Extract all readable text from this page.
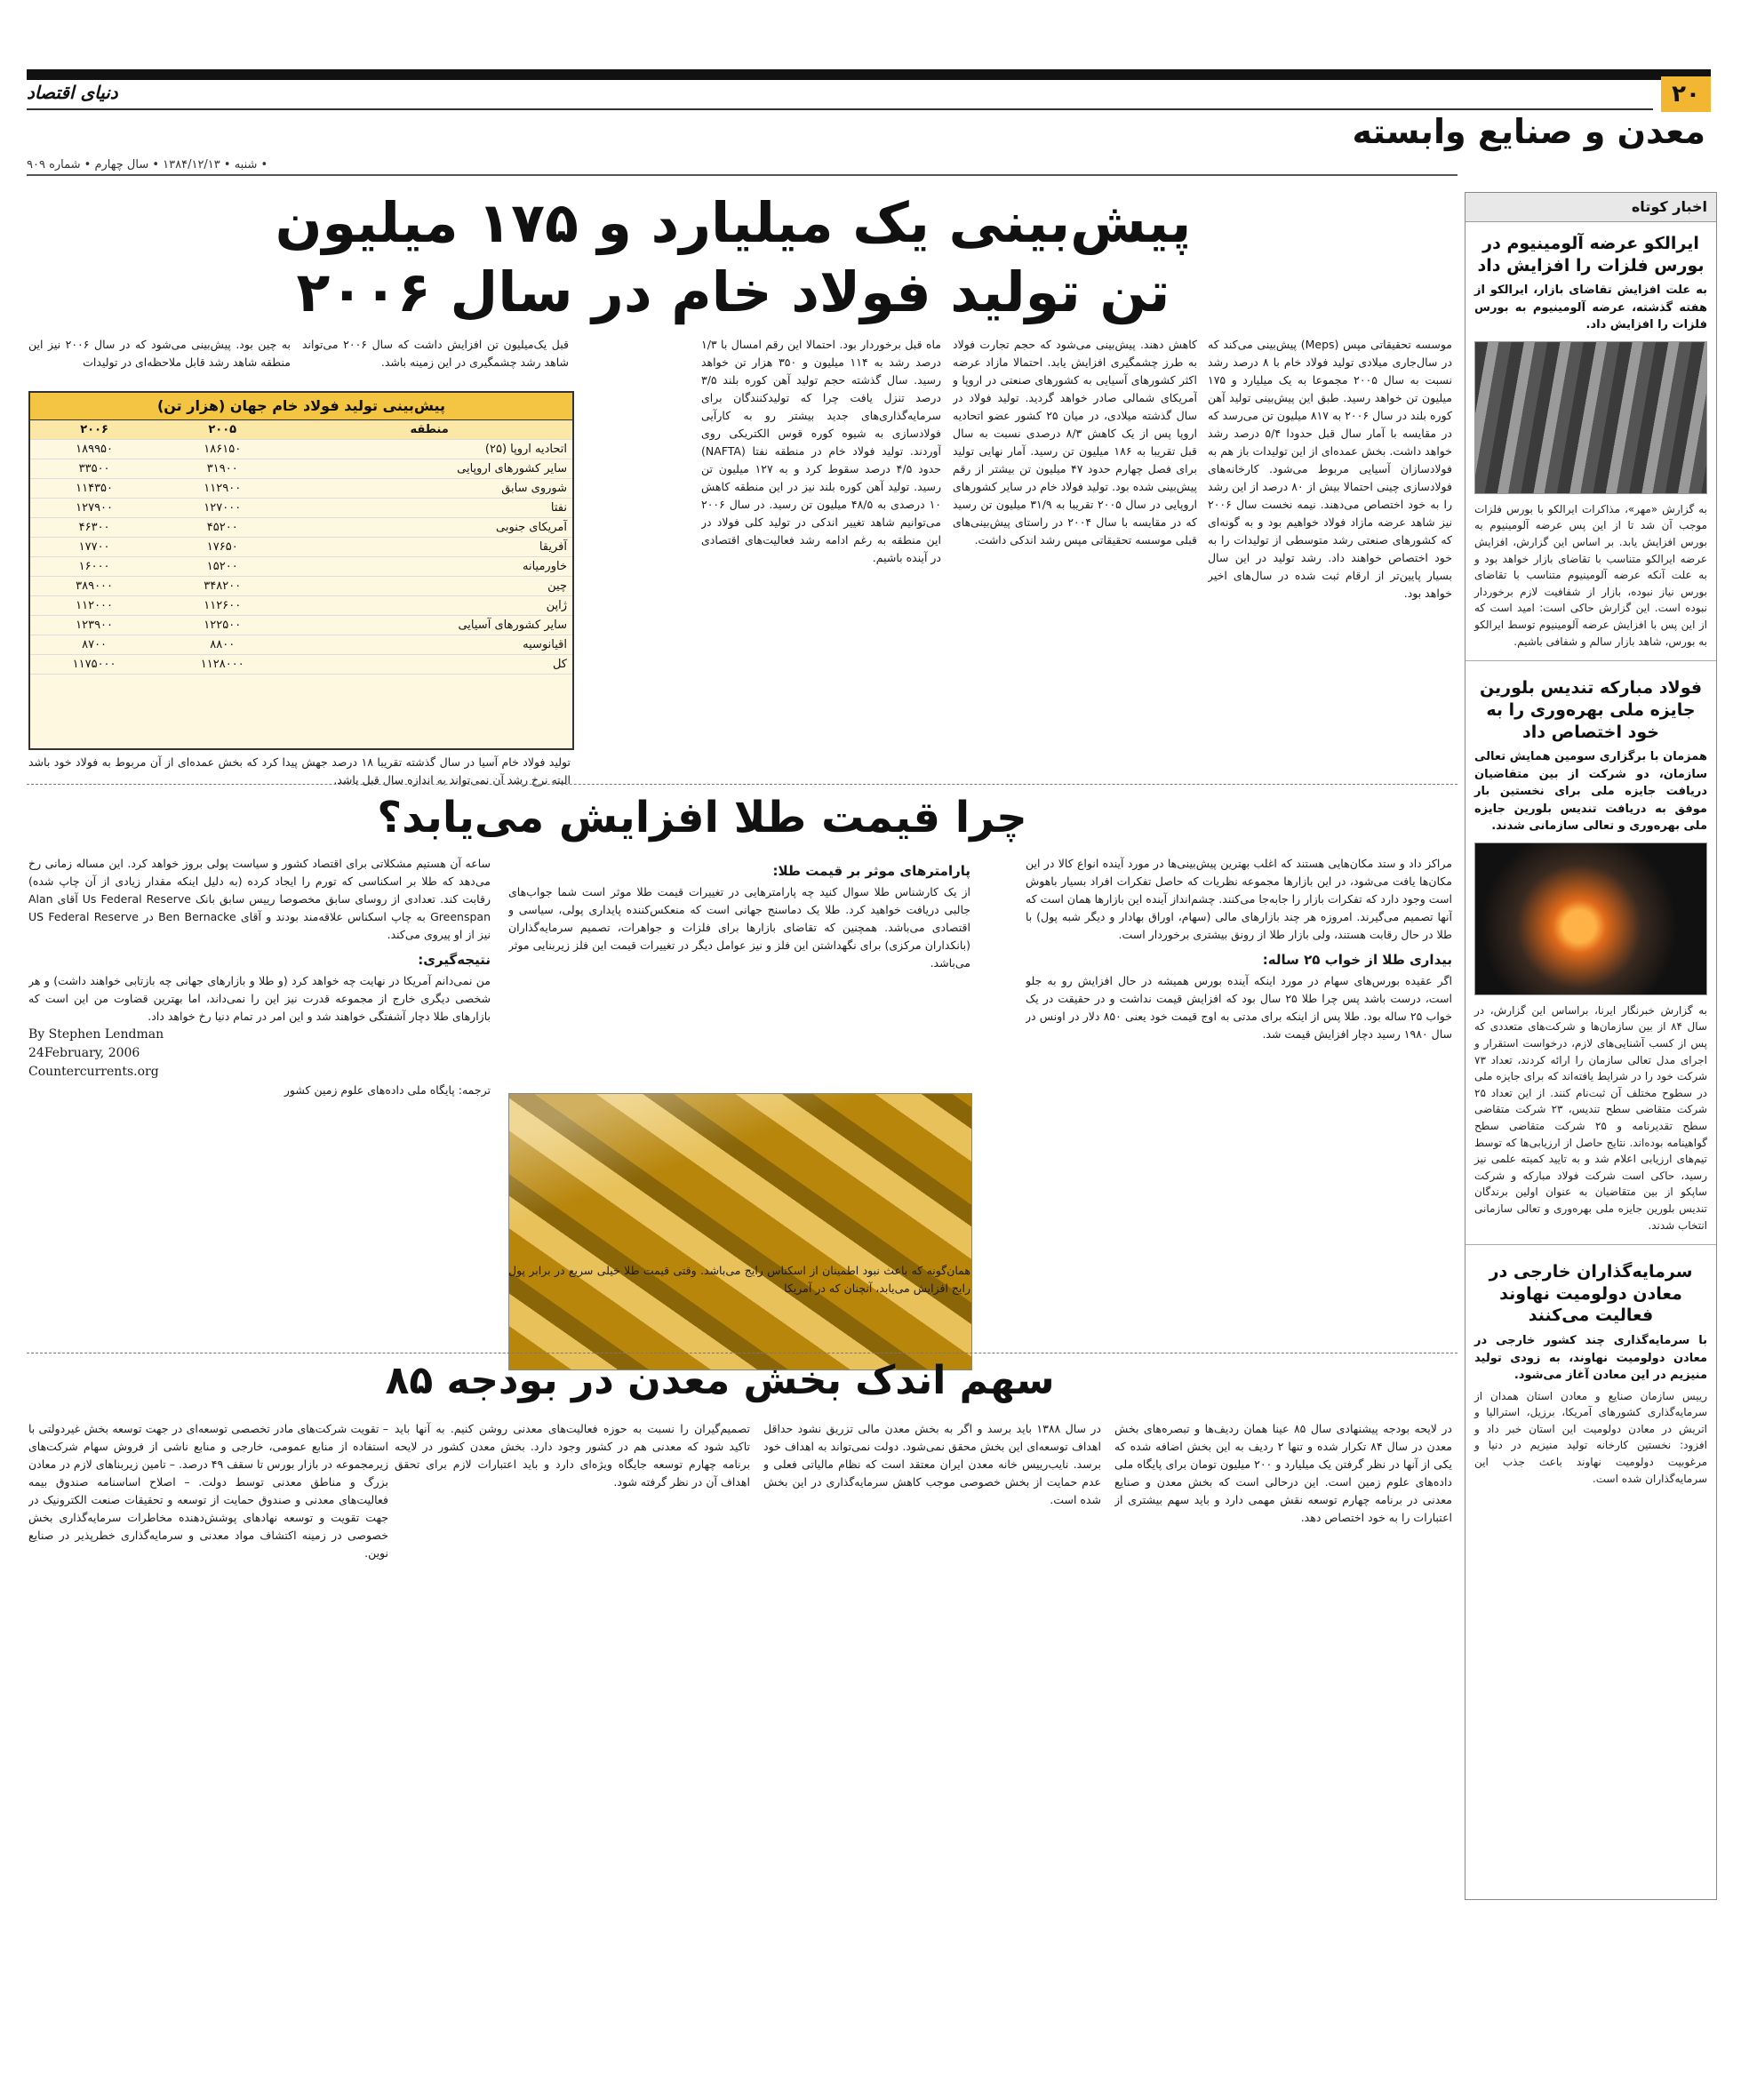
۲۰
دنیای اقتصاد
معدن و صنایع وابسته
• شنبه • ۱۳۸۴/۱۲/۱۳ • سال چهارم • شماره ۹۰۹
اخبار کوتاه
ایرالکو عرضه آلومینیوم در بورس فلزات را افزایش داد
به علت افزایش تقاضای بازار، ایرالکو از هفته گذشته، عرضه آلومینیوم به بورس فلزات را افزایش داد.

به گزارش «مهر»، مذاکرات ایرالکو با بورس فلزات موجب آن شد تا از این پس عرضه آلومینیوم به بورس افزایش یابد. بر اساس این گزارش، افزایش عرضه ایرالکو متناسب با تقاضای بازار خواهد بود و به علت آنکه عرضه آلومینیوم متناسب با تقاضای بورس نیاز نبوده، بازار از شفافیت لازم برخوردار نبوده است. این گزارش حاکی است: امید است که از این پس با افزایش عرضه آلومینیوم توسط ایرالکو به بورس، شاهد بازار سالم و شفافی باشیم.

فولاد مبارکه تندیس بلورین جایزه ملی بهره‌وری را به خود اختصاص داد
همزمان با برگزاری سومین همایش تعالی سازمان، دو شرکت از بین متقاضیان دریافت جایزه ملی برای نخستین بار موفق به دریافت تندیس بلورین جایزه ملی بهره‌وری و تعالی سازمانی شدند.

به گزارش خبرنگار ایرنا، براساس این گزارش، در سال ۸۴ از بین سازمان‌ها و شرکت‌های متعددی که پس از کسب آشنایی‌های لازم، درخواست استقرار و اجرای مدل تعالی سازمان را ارائه کردند، تعداد ۷۳ شرکت خود را در شرایط یافته‌اند که برای جایزه ملی در سطوح مختلف آن ثبت‌نام کنند. از این تعداد ۲۵ شرکت متقاضی سطح تندیس، ۲۳ شرکت متقاضی سطح تقدیرنامه و ۲۵ شرکت متقاضی سطح گواهینامه بوده‌اند. نتایج حاصل از ارزیابی‌ها که توسط تیم‌های ارزیابی اعلام شد و به تایید کمیته علمی نیز رسید، حاکی است شرکت فولاد مبارکه و شرکت ساپکو از بین متقاضیان به عنوان اولین برندگان تندیس بلورین جایزه ملی بهره‌وری و تعالی سازمانی انتخاب شدند.

سرمایه‌گذاران خارجی در معادن دولومیت نهاوند فعالیت می‌کنند
با سرمایه‌گذاری چند کشور خارجی در معادن دولومیت نهاوند، به زودی تولید منیزیم در این معادن آغاز می‌شود.

رییس سازمان صنایع و معادن استان همدان از سرمایه‌گذاری کشورهای آمریکا، برزیل، استرالیا و اتریش در معادن دولومیت این استان خبر داد و افزود: نخستین کارخانه تولید منیزیم در دنیا و مرغوبیت دولومیت نهاوند باعث جذب این سرمایه‌گذاران شده است.

پیش‌بینی یک میلیارد و ۱۷۵ میلیون تن تولید فولاد خام در سال ۲۰۰۶
موسسه تحقیقاتی مپس (Meps) پیش‌بینی می‌کند که در سال‌جاری میلادی تولید فولاد خام با ۸ درصد رشد نسبت به سال ۲۰۰۵ مجموعا به یک میلیارد و ۱۷۵ میلیون تن خواهد رسید. طبق این پیش‌بینی تولید آهن کوره بلند در سال ۲۰۰۶ به ۸۱۷ میلیون تن می‌رسد که در مقایسه با آمار سال قبل حدودا ۵/۴ درصد رشد خواهد داشت. بخش عمده‌ای از این تولیدات باز هم به فولادسازان آسیایی مربوط می‌شود. کارخانه‌های فولادسازی چینی احتمالا بیش از ۸۰ درصد از این رشد را به خود اختصاص می‌دهند. نیمه نخست سال ۲۰۰۶ نیز شاهد عرضه مازاد فولاد خواهیم بود و به گونه‌ای که کشورهای صنعتی رشد متوسطی از تولیدات را به خود اختصاص خواهند داد. رشد تولید در این سال بسیار پایین‌تر از ارقام ثبت شده در سال‌های اخیر خواهد بود.
کاهش دهند. پیش‌بینی می‌شود که حجم تجارت فولاد به طرز چشمگیری افزایش یابد. احتمالا مازاد عرضه اکثر کشورهای آسیایی به کشورهای صنعتی در اروپا و آمریکای شمالی صادر خواهد گردید. تولید فولاد در سال گذشته میلادی، در میان ۲۵ کشور عضو اتحادیه اروپا پس از یک کاهش ۸/۳ درصدی نسبت به سال قبل تقریبا به ۱۸۶ میلیون تن رسید. آمار نهایی تولید برای فصل چهارم حدود ۴۷ میلیون تن بیشتر از رقم پیش‌بینی شده بود. تولید فولاد خام در سایر کشورهای اروپایی در سال ۲۰۰۵ تقریبا به ۳۱/۹ میلیون تن رسید که در مقایسه با سال ۲۰۰۴ در راستای پیش‌بینی‌های قبلی موسسه تحقیقاتی مپس رشد اندکی داشت.
ماه قبل برخوردار بود. احتمالا این رقم امسال با ۱/۳ درصد رشد به ۱۱۴ میلیون و ۳۵۰ هزار تن خواهد رسید. سال گذشته حجم تولید آهن کوره بلند ۳/۵ درصد تنزل یافت چرا که تولیدکنندگان برای سرمایه‌گذاری‌های جدید بیشتر رو به کارآیی فولادسازی به شیوه کوره قوس الکتریکی روی آوردند. تولید فولاد خام در منطقه نفتا (NAFTA) حدود ۴/۵ درصد سقوط کرد و به ۱۲۷ میلیون تن رسید. تولید آهن کوره بلند نیز در این منطقه کاهش ۱۰ درصدی به ۴۸/۵ میلیون تن رسید. در سال ۲۰۰۶ می‌توانیم شاهد تغییر اندکی در تولید کلی فولاد در این منطقه به رغم ادامه رشد فعالیت‌های اقتصادی در آینده باشیم.
قبل یک‌میلیون تن افزایش داشت که سال ۲۰۰۶ می‌تواند شاهد رشد چشمگیری در این زمینه باشد.
به چین بود. پیش‌بینی می‌شود که در سال ۲۰۰۶ نیز این منطقه شاهد رشد قابل ملاحظه‌ای در تولیدات
پیش‌بینی تولید فولاد خام جهان (هزار تن)
منطقه	۲۰۰۵	۲۰۰۶
اتحادیه اروپا (۲۵)	۱۸۶۱۵۰	۱۸۹۹۵۰
سایر کشورهای اروپایی	۳۱۹۰۰	۳۳۵۰۰
شوروی سابق	۱۱۲۹۰۰	۱۱۴۳۵۰
نفتا	۱۲۷۰۰۰	۱۲۷۹۰۰
آمریکای جنوبی	۴۵۲۰۰	۴۶۳۰۰
آفریقا	۱۷۶۵۰	۱۷۷۰۰
خاورمیانه	۱۵۲۰۰	۱۶۰۰۰
چین	۳۴۸۲۰۰	۳۸۹۰۰۰
ژاپن	۱۱۲۶۰۰	۱۱۲۰۰۰
سایر کشورهای آسیایی	۱۲۲۵۰۰	۱۲۳۹۰۰
اقیانوسیه	۸۸۰۰	۸۷۰۰
کل	۱۱۲۸۰۰۰	۱۱۷۵۰۰۰
تولید فولاد خام آسیا در سال گذشته تقریبا ۱۸ درصد جهش پیدا کرد که بخش عمده‌ای از آن مربوط به فولاد خود باشد البته نرخ رشد آن نمی‌تواند به اندازه سال قبل باشد.
چرا قیمت طلا افزایش می‌یابد؟
مراکز داد و ستد مکان‌هایی هستند که اغلب بهترین پیش‌بینی‌ها در مورد آینده انواع کالا در این مکان‌ها یافت می‌شود، در این بازارها مجموعه نظریات که حاصل تفکرات افراد بسیار باهوش است وجود دارد که تفکرات بازار را جابه‌جا می‌کنند. چشم‌انداز آینده این بازارها همان است که آنها تصمیم می‌گیرند. امروزه هر چند بازارهای مالی (سهام، اوراق بهادار و دیگر شبه پول) با طلا در حال رقابت هستند، ولی بازار طلا از رونق بیشتری برخوردار است.
بیداری طلا از خواب ۲۵ ساله:
اگر عقیده بورس‌های سهام در مورد اینکه آینده بورس همیشه در حال افزایش رو به جلو است، درست باشد پس چرا طلا ۲۵ سال بود که افزایش قیمت نداشت و در حقیقت در یک خواب ۲۵ ساله بود. طلا پس از اینکه برای مدتی به اوج قیمت خود یعنی ۸۵۰ دلار در اونس در سال ۱۹۸۰ رسید دچار افزایش قیمت شد.
پارامترهای موثر بر قیمت طلا:
از یک کارشناس طلا سوال کنید چه پارامترهایی در تغییرات قیمت طلا موثر است شما جواب‌های جالبی دریافت خواهید کرد. طلا یک دماسنج جهانی است که منعکس‌کننده پایداری پولی، سیاسی و اقتصادی می‌باشد. همچنین که تقاضای بازارها برای فلزات و جواهرات، تصمیم سرمایه‌گذاران (بانکداران مرکزی) برای نگهداشتن این فلز و نیز عوامل دیگر در تغییرات قیمت این فلز زیربنایی موثر می‌باشد.
همان‌گونه که باعث نبود اطمینان از اسکناس رایج می‌باشد. وقتی قیمت طلا خیلی سریع در برابر پول رایج افزایش می‌یابد، آنچنان که در آمریکا
ساعه آن هستیم مشکلاتی برای اقتصاد کشور و سیاست پولی بروز خواهد کرد. این مساله زمانی رخ می‌دهد که طلا بر اسکناسی که تورم را ایجاد کرده (به دلیل اینکه مقدار زیادی از آن چاپ شده) رقابت کند. تعدادی از روسای سابق مخصوصا رییس سابق بانک Us Federal Reserve آقای Alan Greenspan به چاپ اسکناس علاقه‌مند بودند و آقای Ben Bernacke در US Federal Reserve نیز از او پیروی می‌کند.
نتیجه‌گیری:
من نمی‌دانم آمریکا در نهایت چه خواهد کرد (و طلا و بازارهای جهانی چه بازتابی خواهند داشت) و هر شخصی دیگری خارج از مجموعه قدرت نیز این را نمی‌داند، اما بهترین قضاوت من این است که بازارهای طلا دچار آشفتگی خواهند شد و این امر در تمام دنیا رخ خواهد داد.
By Stephen Lendman
24February, 2006
Countercurrents.org
ترجمه: پایگاه ملی داده‌های علوم زمین کشور
سهم اندک بخش معدن در بودجه ۸۵
در لایحه بودجه پیشنهادی سال ۸۵ عینا همان ردیف‌ها و تبصره‌های بخش معدن در سال ۸۴ تکرار شده و تنها ۲ ردیف به این بخش اضافه شده که یکی از آنها در نظر گرفتن یک میلیارد و ۲۰۰ میلیون تومان برای پایگاه ملی داده‌های علوم زمین است. این درحالی است که بخش معدن و صنایع معدنی در برنامه چهارم توسعه نقش مهمی دارد و باید سهم بیشتری از اعتبارات را به خود اختصاص دهد.
در سال ۱۳۸۸ باید برسد و اگر به بخش معدن مالی تزریق نشود حداقل اهداف توسعه‌ای این بخش محقق نمی‌شود. دولت نمی‌تواند به اهداف خود برسد. نایب‌رییس خانه معدن ایران معتقد است که نظام مالیاتی فعلی و عدم حمایت از بخش خصوصی موجب کاهش سرمایه‌گذاری در این بخش شده است.
تصمیم‌گیران را نسبت به حوزه فعالیت‌های معدنی روشن کنیم. به آنها باید تاکید شود که معدنی هم در کشور وجود دارد. بخش معدن کشور در لایحه برنامه چهارم توسعه جایگاه ویژه‌ای دارد و باید اعتبارات لازم برای تحقق اهداف آن در نظر گرفته شود.
– تقویت شرکت‌های مادر تخصصی توسعه‌ای در جهت توسعه بخش غیردولتی با استفاده از منابع عمومی، خارجی و منابع ناشی از فروش سهام شرکت‌های زیرمجموعه در بازار بورس تا سقف ۴۹ درصد. – تامین زیربناهای لازم در معادن بزرگ و مناطق معدنی توسط دولت. – اصلاح اساسنامه صندوق بیمه فعالیت‌های معدنی و صندوق حمایت از توسعه و تحقیقات صنعت الکترونیک در جهت تقویت و توسعه نهادهای پوشش‌دهنده مخاطرات سرمایه‌گذاری بخش خصوصی در زمینه اکتشاف مواد معدنی و سرمایه‌گذاری خطرپذیر در صنایع نوین.
